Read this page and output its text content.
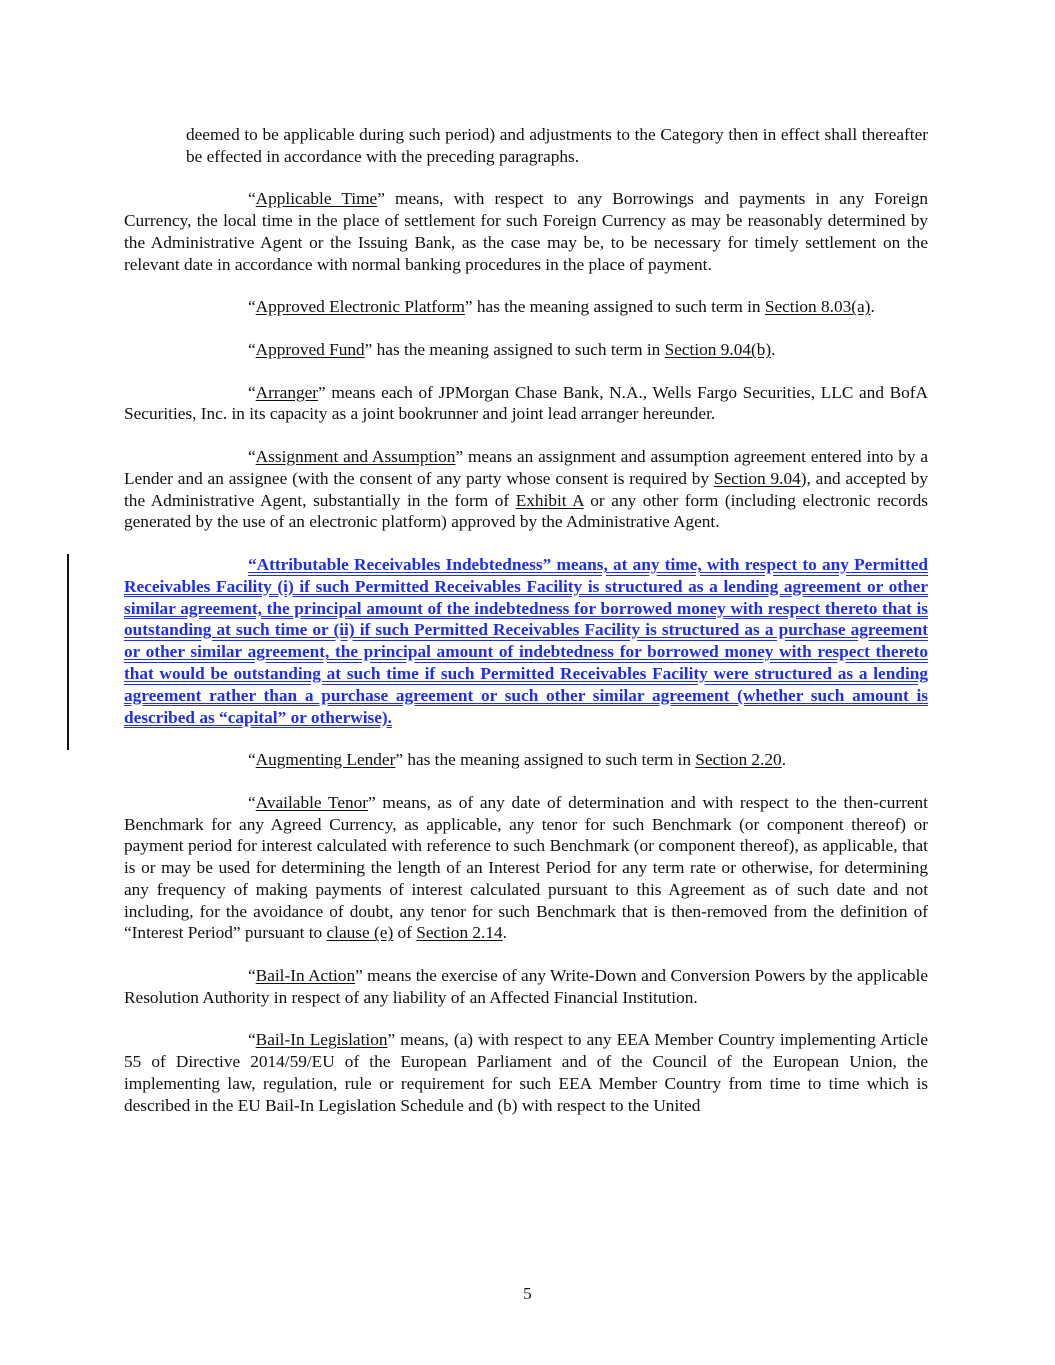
deemed to be applicable during such period) and adjustments to the Category then in effect shall thereafter be effected in accordance with the preceding paragraphs.

“Applicable Time” means, with respect to any Borrowings and payments in any Foreign Currency, the local time in the place of settlement for such Foreign Currency as may be reasonably determined by the Administrative Agent or the Issuing Bank, as the case may be, to be necessary for timely settlement on the relevant date in accordance with normal banking procedures in the place of payment.

“Approved Electronic Platform” has the meaning assigned to such term in Section 8.03(a).

“Approved Fund” has the meaning assigned to such term in Section 9.04(b).

“Arranger” means each of JPMorgan Chase Bank, N.A., Wells Fargo Securities, LLC and BofA Securities, Inc. in its capacity as a joint bookrunner and joint lead arranger hereunder.

“Assignment and Assumption” means an assignment and assumption agreement entered into by a Lender and an assignee (with the consent of any party whose consent is required by Section 9.04), and accepted by the Administrative Agent, substantially in the form of Exhibit A or any other form (including electronic records generated by the use of an electronic platform) approved by the Administrative Agent.

“Attributable Receivables Indebtedness” means, at any time, with respect to any Permitted Receivables Facility (i) if such Permitted Receivables Facility is structured as a lending agreement or other similar agreement, the principal amount of the indebtedness for borrowed money with respect thereto that is outstanding at such time or (ii) if such Permitted Receivables Facility is structured as a purchase agreement or other similar agreement, the principal amount of indebtedness for borrowed money with respect thereto that would be outstanding at such time if such Permitted Receivables Facility were structured as a lending agreement rather than a purchase agreement or such other similar agreement (whether such amount is described as “capital” or otherwise).

“Augmenting Lender” has the meaning assigned to such term in Section 2.20.

“Available Tenor” means, as of any date of determination and with respect to the then-current Benchmark for any Agreed Currency, as applicable, any tenor for such Benchmark (or component thereof) or payment period for interest calculated with reference to such Benchmark (or component thereof), as applicable, that is or may be used for determining the length of an Interest Period for any term rate or otherwise, for determining any frequency of making payments of interest calculated pursuant to this Agreement as of such date and not including, for the avoidance of doubt, any tenor for such Benchmark that is then-removed from the definition of “Interest Period” pursuant to clause (e) of Section 2.14.

“Bail-In Action” means the exercise of any Write-Down and Conversion Powers by the applicable Resolution Authority in respect of any liability of an Affected Financial Institution.

“Bail-In Legislation” means, (a) with respect to any EEA Member Country implementing Article 55 of Directive 2014/59/EU of the European Parliament and of the Council of the European Union, the implementing law, regulation, rule or requirement for such EEA Member Country from time to time which is described in the EU Bail-In Legislation Schedule and (b) with respect to the United

5
